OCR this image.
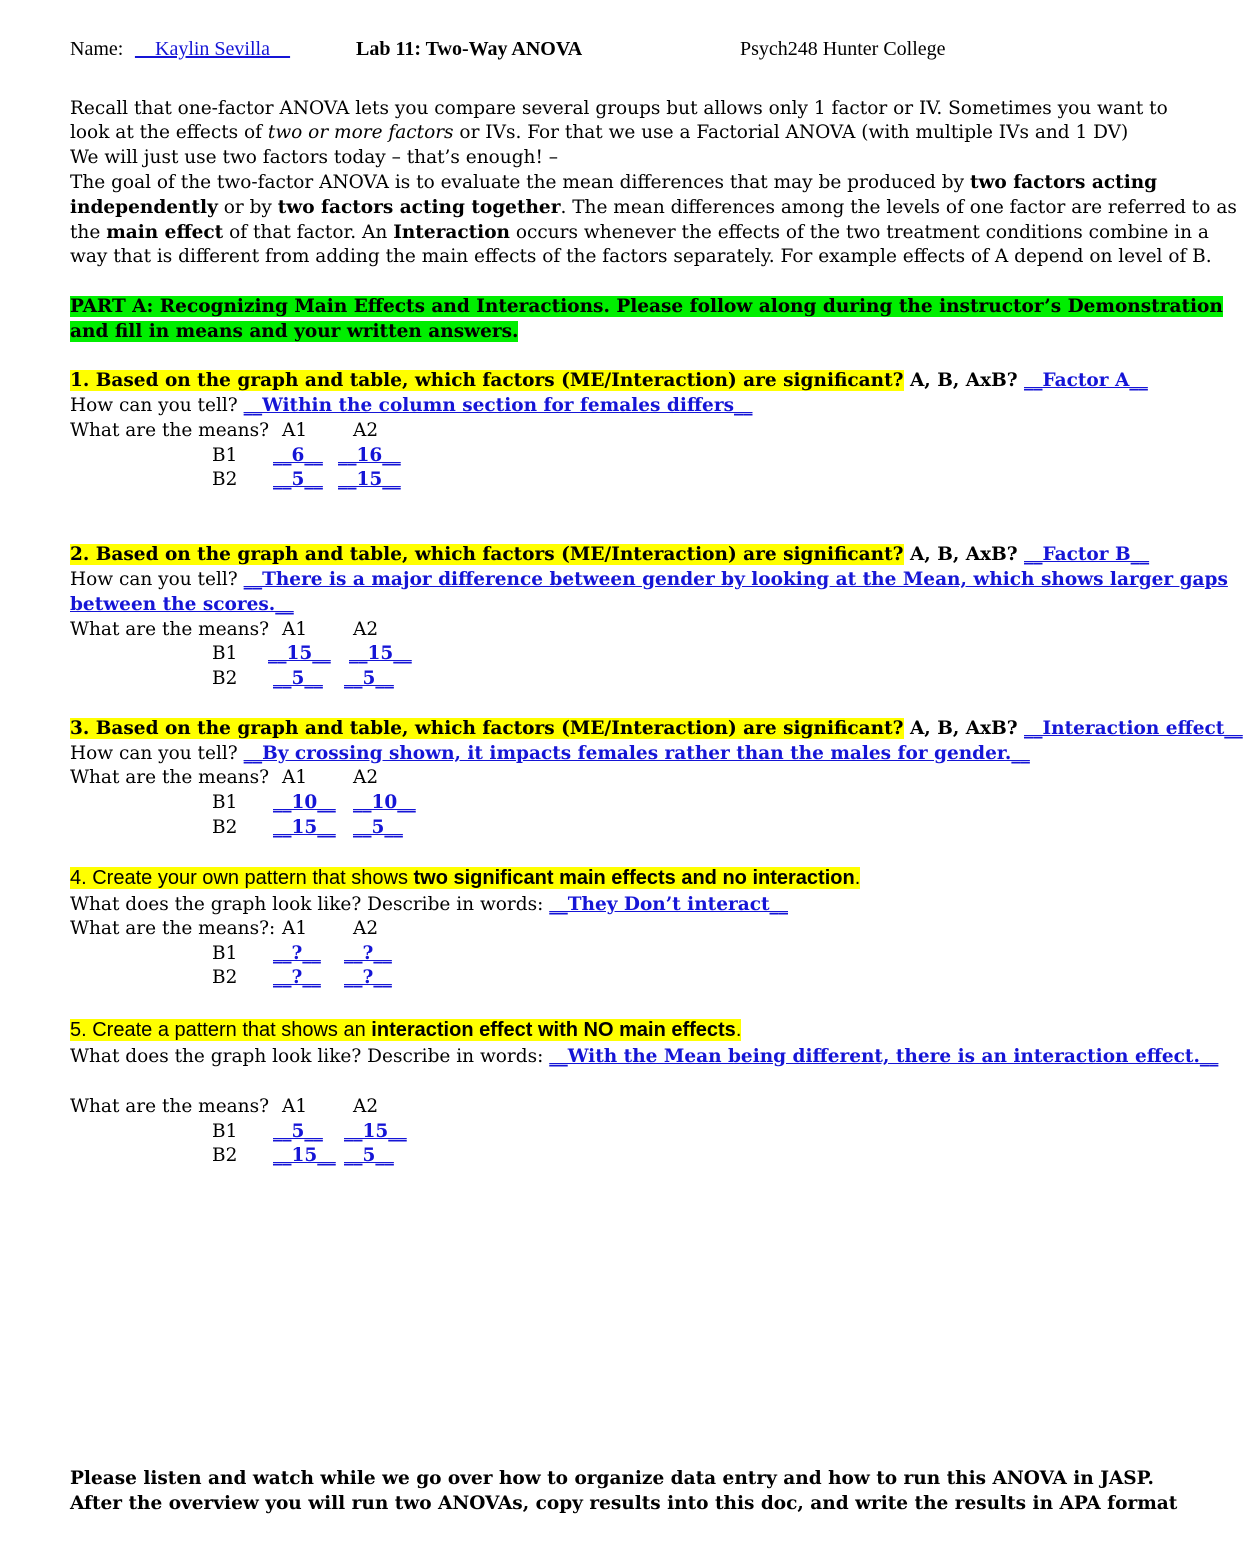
Name: __Kaylin Sevilla__	Lab 11: Two-Way ANOVA	Psych248 Hunter College
Recall that one-factor ANOVA lets you compare several groups but allows only 1 factor or IV. Sometimes you want to
look at the effects of two or more factors or IVs. For that we use a Factorial ANOVA (with multiple IVs and 1 DV)
We will just use two factors today – that’s enough! –
The goal of the two-factor ANOVA is to evaluate the mean differences that may be produced by two factors acting
independently or by two factors acting together. The mean differences among the levels of one factor are referred to as
the main effect of that factor. An Interaction occurs whenever the effects of the two treatment conditions combine in a
way that is different from adding the main effects of the factors separately. For example effects of A depend on level of B.
PART A: Recognizing Main Effects and Interactions. Please follow along during the instructor’s Demonstration
and fill in means and your written answers.
1. Based on the graph and table, which factors (ME/Interaction) are significant? A, B, AxB? __Factor A__
How can you tell? __Within the column section for females differs__
What are the means? A1 A2
B1 __6__ __16__
B2 __5__ __15__
2. Based on the graph and table, which factors (ME/Interaction) are significant? A, B, AxB? __Factor B__
How can you tell? __There is a major difference between gender by looking at the Mean, which shows larger gaps
between the scores.__
What are the means? A1 A2
B1 __15__ __15__
B2 __5__ __5__
3. Based on the graph and table, which factors (ME/Interaction) are significant? A, B, AxB? __Interaction effect__
How can you tell? __By crossing shown, it impacts females rather than the males for gender.__
What are the means? A1 A2
B1 __10__ __10__
B2 __15__ __5__
4. Create your own pattern that shows two significant main effects and no interaction.
What does the graph look like? Describe in words: __They Don’t interact__
What are the means?: A1 A2
B1 __?__ __?__
B2 __?__ __?__
5. Create a pattern that shows an interaction effect with NO main effects.
What does the graph look like? Describe in words: __With the Mean being different, there is an interaction effect.__
What are the means? A1 A2
B1 __5__ __15__
B2 __15__ __5__
Please listen and watch while we go over how to organize data entry and how to run this ANOVA in JASP.
After the overview you will run two ANOVAs, copy results into this doc, and write the results in APA format
